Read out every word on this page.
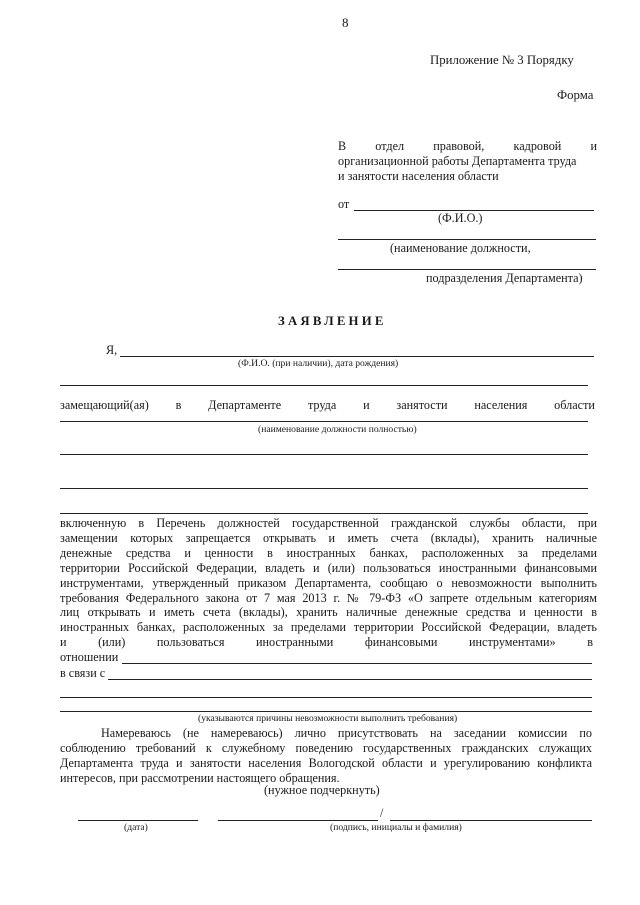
8
Приложение № 3 Порядку
Форма
В отдел правовой, кадровой и
организационной работы Департамента труда
и занятости населения области
от
(Ф.И.О.)
(наименование должности,
подразделения Департамента)
ЗАЯВЛЕНИЕ
Я,
(Ф.И.О. (при наличии), дата рождения)
замещающий(ая) в Департаменте труда и занятости населения области
(наименование должности полностью)
включенную в Перечень должностей государственной гражданской службы области, при
замещении которых запрещается открывать и иметь счета (вклады), хранить наличные
денежные средства и ценности в иностранных банках, расположенных за пределами
территории Российской Федерации, владеть и (или) пользоваться иностранными финансовыми
инструментами, утвержденный приказом Департамента, сообщаю о невозможности выполнить
требования Федерального закона от 7 мая 2013 г. № 79-ФЗ «О запрете отдельным категориям
лиц открывать и иметь счета (вклады), хранить наличные денежные средства и ценности в
иностранных банках, расположенных за пределами территории Российской Федерации, владеть
и	(или)	пользоваться	иностранными	финансовыми	инструментами»	в
отношении
в связи с
(указываются причины невозможности выполнить требования)
Намереваюсь (не намереваюсь) лично присутствовать на заседании комиссии по
соблюдению требований к служебному поведению государственных гражданских служащих
Департамента труда и занятости населения Вологодской области и урегулированию конфликта
интересов, при рассмотрении настоящего обращения.
(нужное подчеркнуть)
/
(дата)	(подпись, инициалы и фамилия)
